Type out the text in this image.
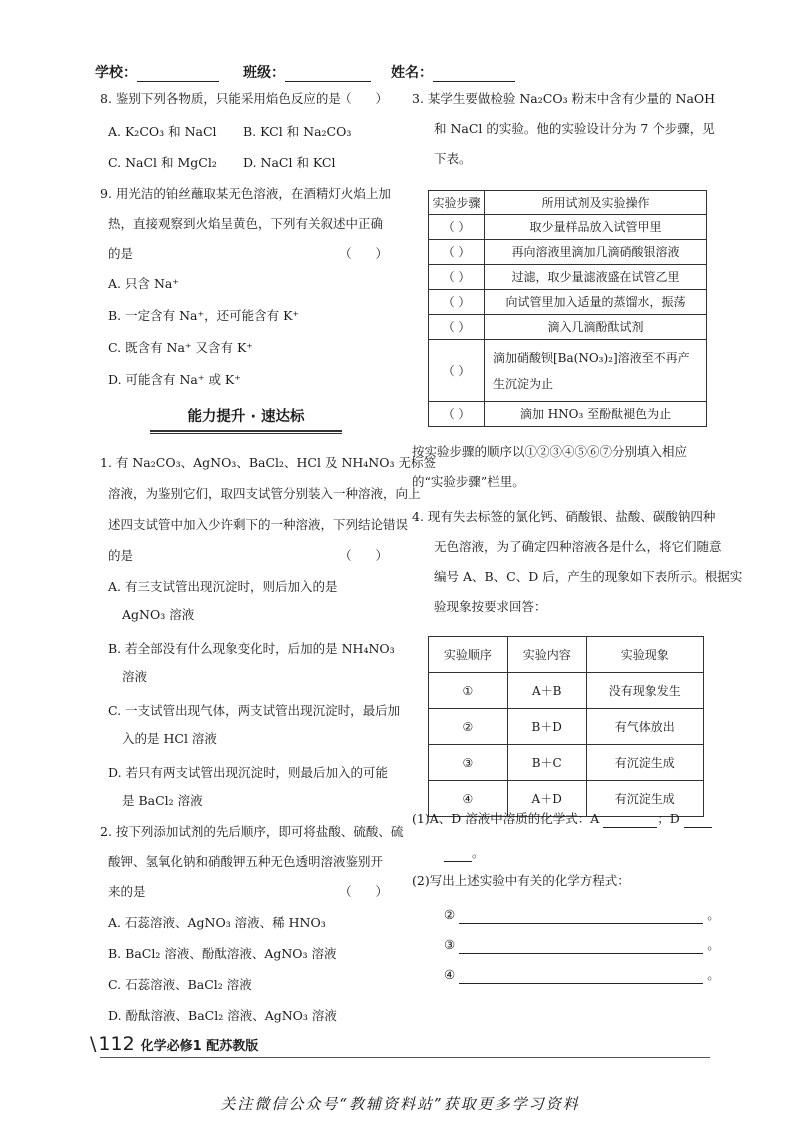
学校：	班级：	姓名：
8. 鉴别下列各物质，只能采用焰色反应的是
（      ）
A. K₂CO₃ 和 NaCl B. KCl 和 Na₂CO₃
C. NaCl 和 MgCl₂ D. NaCl 和 KCl
9. 用光洁的铂丝蘸取某无色溶液，在酒精灯火焰上加
热，直接观察到火焰呈黄色，下列有关叙述中正确
的是	（      ）
A. 只含 Na⁺
B. 一定含有 Na⁺，还可能含有 K⁺
C. 既含有 Na⁺ 又含有 K⁺
D. 可能含有 Na⁺ 或 K⁺
能力提升 · 速达标
1. 有 Na₂CO₃、AgNO₃、BaCl₂、HCl 及 NH₄NO₃ 无标签
溶液，为鉴别它们，取四支试管分别装入一种溶液，向上
述四支试管中加入少许剩下的一种溶液，下列结论错误
的是	（      ）
A. 有三支试管出现沉淀时，则后加入的是
AgNO₃ 溶液
B. 若全部没有什么现象变化时，后加的是 NH₄NO₃
溶液
C. 一支试管出现气体，两支试管出现沉淀时，最后加
入的是 HCl 溶液
D. 若只有两支试管出现沉淀时，则最后加入的可能
是 BaCl₂ 溶液
2. 按下列添加试剂的先后顺序，即可将盐酸、硫酸、硫
酸钾、氢氧化钠和硝酸钾五种无色透明溶液鉴别开
来的是	（      ）
A. 石蕊溶液、AgNO₃ 溶液、稀 HNO₃
B. BaCl₂ 溶液、酚酞溶液、AgNO₃ 溶液
C. 石蕊溶液、BaCl₂ 溶液
D. 酚酞溶液、BaCl₂ 溶液、AgNO₃ 溶液
3. 某学生要做检验 Na₂CO₃ 粉末中含有少量的 NaOH
和 NaCl 的实验。他的实验设计分为 7 个步骤，见
下表。
实验步骤	所用试剂及实验操作
（ ）	取少量样品放入试管甲里
（ ）	再向溶液里滴加几滴硝酸银溶液
（ ）	过滤，取少量滤液盛在试管乙里
（ ）	向试管里加入适量的蒸馏水，振荡
（ ）	滴入几滴酚酞试剂
（ ）	滴加硝酸钡[Ba(NO₃)₂]溶液至不再产生沉淀为止
（ ）	滴加 HNO₃ 至酚酞褪色为止
按实验步骤的顺序以①②③④⑤⑥⑦分别填入相应
的“实验步骤”栏里。
4. 现有失去标签的氯化钙、硝酸银、盐酸、碳酸钠四种
无色溶液，为了确定四种溶液各是什么，将它们随意
编号 A、B、C、D 后，产生的现象如下表所示。根据实
验现象按要求回答：
实验顺序	实验内容	实验现象
①	A＋B	没有现象发生
②	B＋D	有气体放出
③	B＋C	有沉淀生成
④	A＋D	有沉淀生成
(1)A、D 溶液中溶质的化学式：A	；D
。
(2)写出上述实验中有关的化学方程式：
②	。
③	。
④	。
\ 112 化学必修1 配苏教版
关注微信公众号“教辅资料站”获取更多学习资料
